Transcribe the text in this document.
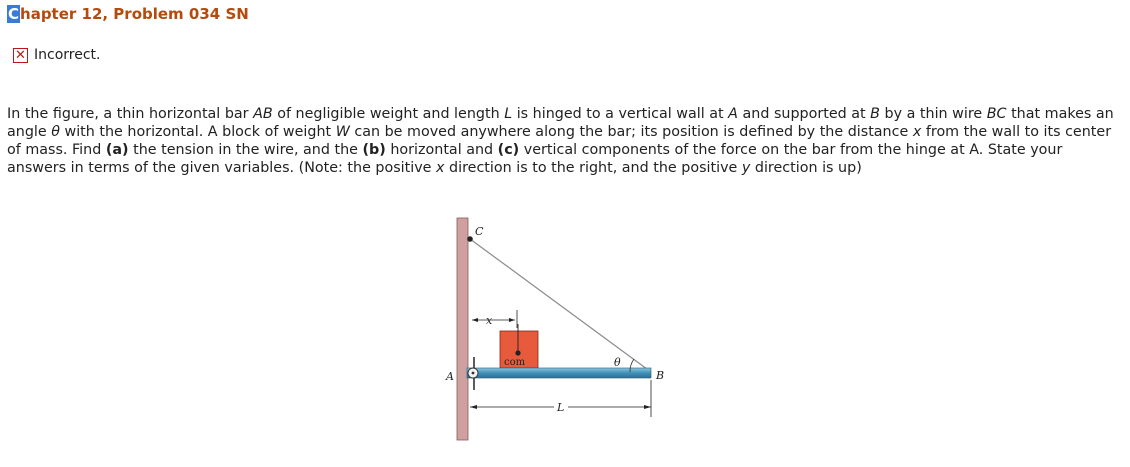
Chapter 12, Problem 034 SN
✕ Incorrect.

In the figure, a thin horizontal bar AB of negligible weight and length L is hinged to a vertical wall at A and supported at B by a thin wire BC that makes an angle θ with the horizontal. A block of weight W can be moved anywhere along the bar; its position is defined by the distance x from the wall to its center of mass. Find (a) the tension in the wire, and the (b) horizontal and (c) vertical components of the force on the bar from the hinge at A. State your answers in terms of the given variables. (Note: the positive x direction is to the right, and the positive y direction is up)

C
x
com
A	B
θ
L
